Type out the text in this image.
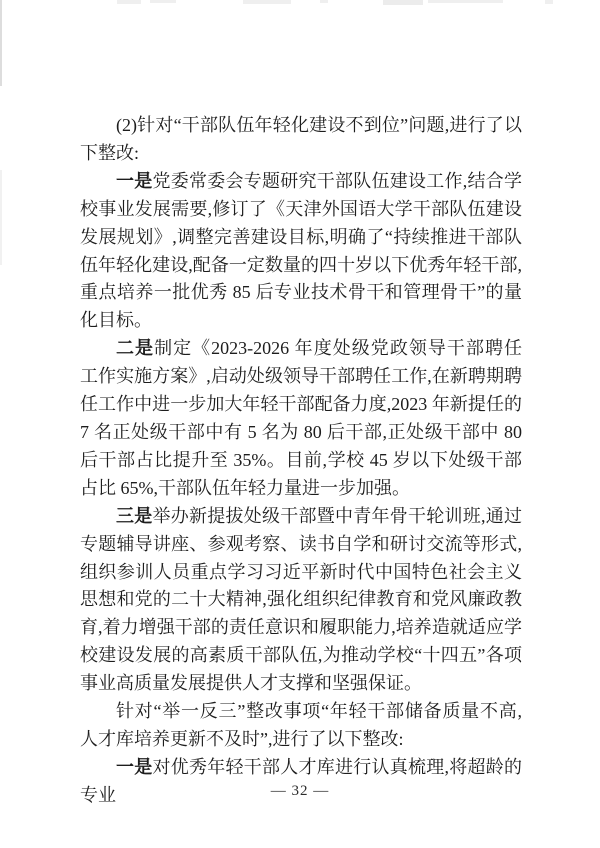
(2)针对“干部队伍年轻化建设不到位”问题,进行了以下整改:

一是党委常委会专题研究干部队伍建设工作,结合学校事业发展需要,修订了《天津外国语大学干部队伍建设发展规划》,调整完善建设目标,明确了“持续推进干部队伍年轻化建设,配备一定数量的四十岁以下优秀年轻干部,重点培养一批优秀 85 后专业技术骨干和管理骨干”的量化目标。

二是制定《2023-2026 年度处级党政领导干部聘任工作实施方案》,启动处级领导干部聘任工作,在新聘期聘任工作中进一步加大年轻干部配备力度,2023 年新提任的 7 名正处级干部中有 5 名为 80 后干部,正处级干部中 80 后干部占比提升至 35%。目前,学校 45 岁以下处级干部占比 65%,干部队伍年轻力量进一步加强。

三是举办新提拔处级干部暨中青年骨干轮训班,通过专题辅导讲座、参观考察、读书自学和研讨交流等形式,组织参训人员重点学习习近平新时代中国特色社会主义思想和党的二十大精神,强化组织纪律教育和党风廉政教育,着力增强干部的责任意识和履职能力,培养造就适应学校建设发展的高素质干部队伍,为推动学校“十四五”各项事业高质量发展提供人才支撑和坚强保证。

针对“举一反三”整改事项“年轻干部储备质量不高,人才库培养更新不及时”,进行了以下整改:

一是对优秀年轻干部人才库进行认真梳理,将超龄的专业	— 32 —
